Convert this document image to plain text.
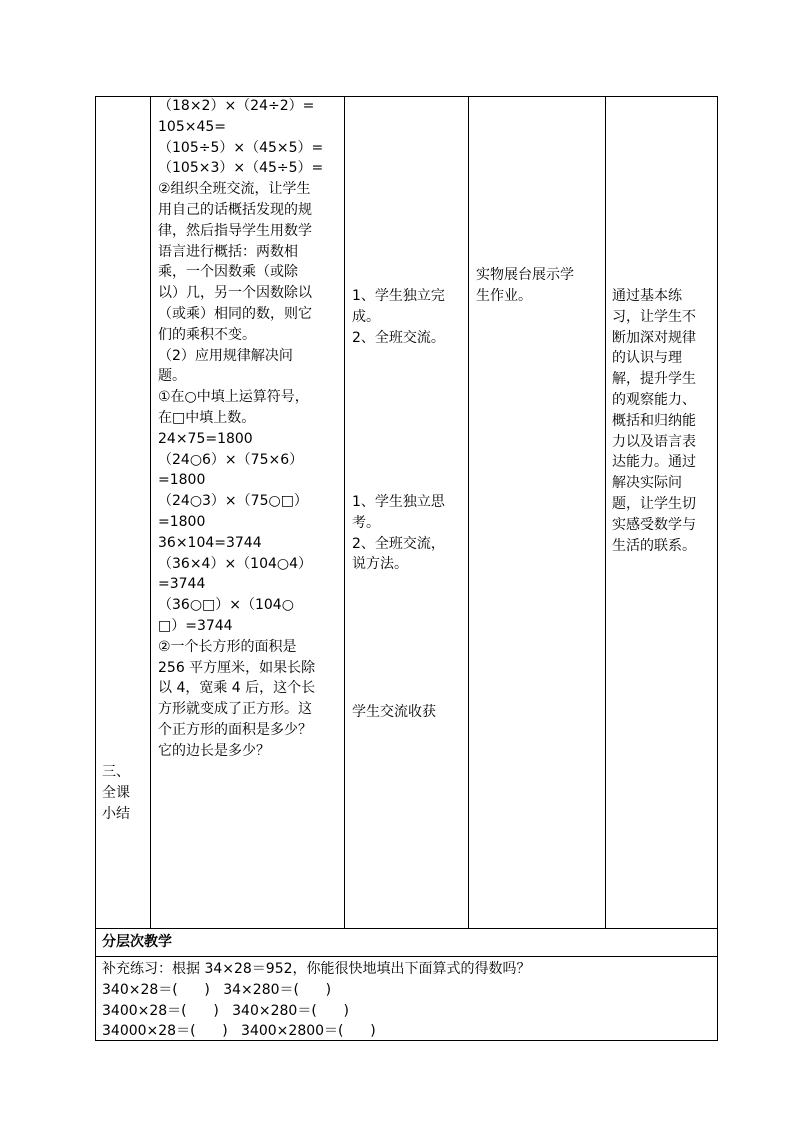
三、
全课
小结
（18×2）×（24÷2）=
105×45=
（105÷5）×（45×5）=
（105×3）×（45÷5）=
②组织全班交流，让学生
用自己的话概括发现的规
律，然后指导学生用数学
语言进行概括：两数相
乘，一个因数乘（或除
以）几，另一个因数除以
（或乘）相同的数，则它
们的乘积不变。
（2）应用规律解决问
题。
①在○中填上运算符号，
在□中填上数。
24×75=1800
（24○6）×（75×6）
=1800
（24○3）×（75○□）
=1800
36×104=3744
（36×4）×（104○4）
=3744
（36○□）×（104○
□）=3744
②一个长方形的面积是
256 平方厘米，如果长除
以 4，宽乘 4 后，这个长
方形就变成了正方形。这
个正方形的面积是多少？
它的边长是多少？
1、学生独立完
成。
2、全班交流。
1、学生独立思
考。
2、全班交流，
说方法。
学生交流收获
实物展台展示学
生作业。	通过基本练
习，让学生不
断加深对规律
的认识与理
解，提升学生
的观察能力、
概括和归纳能
力以及语言表
达能力。通过
解决实际问
题，让学生切
实感受数学与
生活的联系。
分层次教学
补充练习：根据 34×28＝952，你能很快地填出下面算式的得数吗？
340×28＝(      )   34×280＝(      )
3400×28＝(      )   340×280＝(      )
34000×28＝(      )   3400×2800＝(      )
